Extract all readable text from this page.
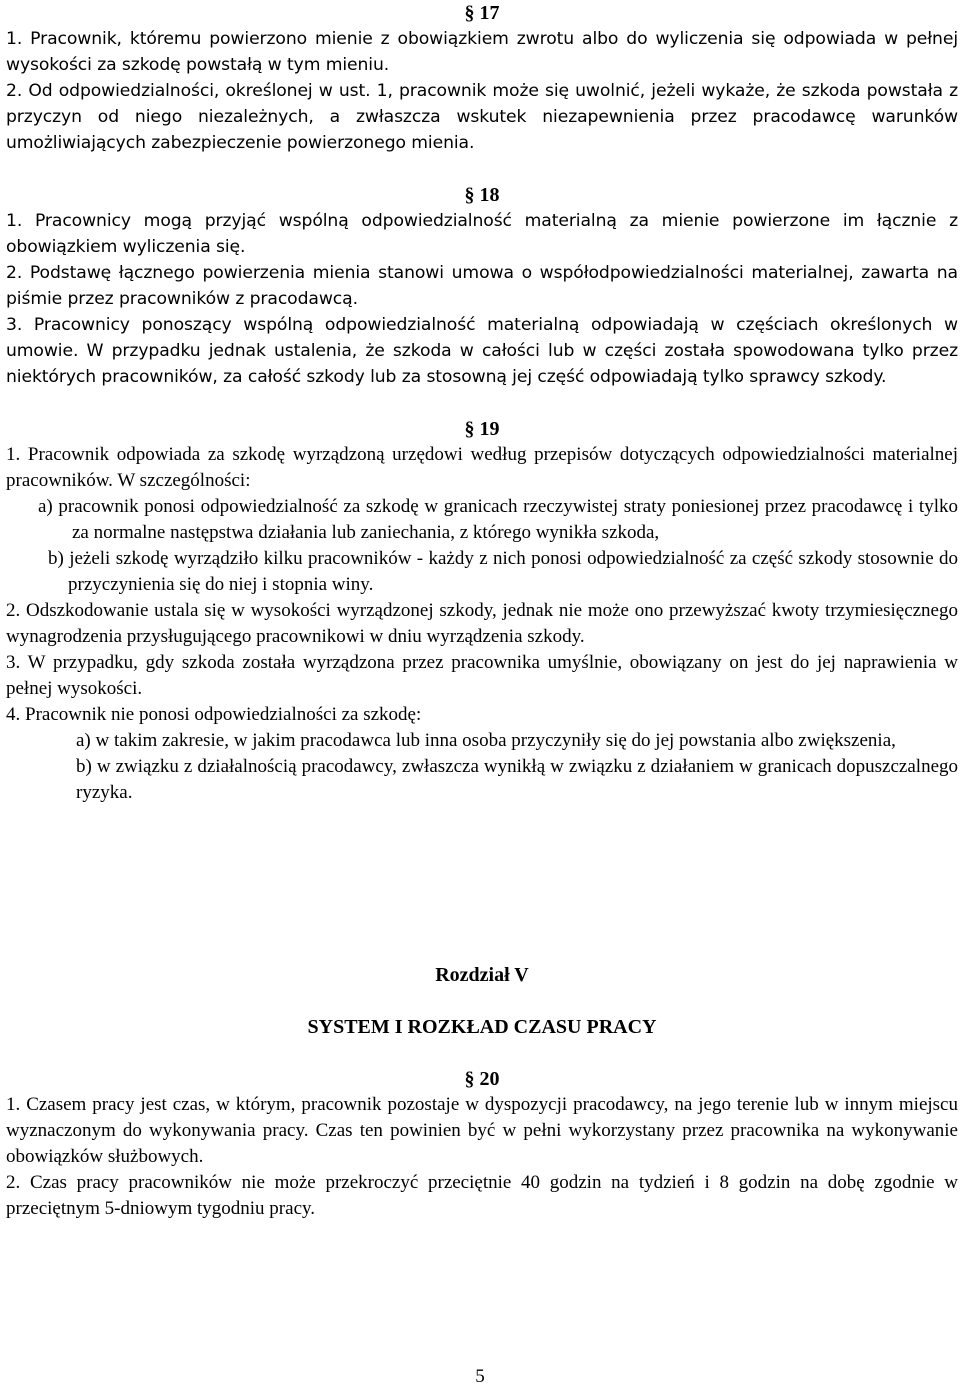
§ 17

1. Pracownik, któremu powierzono mienie z obowiązkiem zwrotu albo do wyliczenia się odpowiada w pełnej wysokości za szkodę powstałą w tym mieniu.

2. Od odpowiedzialności, określonej w ust. 1, pracownik może się uwolnić, jeżeli wykaże, że szkoda powstała z przyczyn od niego niezależnych, a zwłaszcza wskutek niezapewnienia przez pracodawcę warunków umożliwiających zabezpieczenie powierzonego mienia.

§ 18

1. Pracownicy mogą przyjąć wspólną odpowiedzialność materialną za mienie powierzone im łącznie z obowiązkiem wyliczenia się.

2. Podstawę łącznego powierzenia mienia stanowi umowa o współodpowiedzialności materialnej, zawarta na piśmie przez pracowników z pracodawcą.

3. Pracownicy ponoszący wspólną odpowiedzialność materialną odpowiadają w częściach określonych w umowie. W przypadku jednak ustalenia, że szkoda w całości lub w części została spowodowana tylko przez niektórych pracowników, za całość szkody lub za stosowną jej część odpowiadają tylko sprawcy szkody.

§ 19

1. Pracownik odpowiada za szkodę wyrządzoną urzędowi według przepisów dotyczących odpowiedzialności materialnej pracowników. W szczególności:

a) pracownik ponosi odpowiedzialność za szkodę w granicach rzeczywistej straty poniesionej przez pracodawcę i tylko za normalne następstwa działania lub zaniechania, z którego wynikła szkoda,

b) jeżeli szkodę wyrządziło kilku pracowników - każdy z nich ponosi odpowiedzialność za część szkody stosownie do przyczynienia się do niej i stopnia winy.

2. Odszkodowanie ustala się w wysokości wyrządzonej szkody, jednak nie może ono przewyższać kwoty trzymiesięcznego wynagrodzenia przysługującego pracownikowi w dniu wyrządzenia szkody.

3. W przypadku, gdy szkoda została wyrządzona przez pracownika umyślnie, obowiązany on jest do jej naprawienia w pełnej wysokości.

4. Pracownik nie ponosi odpowiedzialności za szkodę:

a) w takim zakresie, w jakim pracodawca lub inna osoba przyczyniły się do jej powstania albo zwiększenia,

b) w związku z działalnością pracodawcy, zwłaszcza wynikłą w związku z działaniem w granicach dopuszczalnego ryzyka.

Rozdział V
SYSTEM I ROZKŁAD CZASU PRACY
§ 20

1. Czasem pracy jest czas, w którym, pracownik pozostaje w dyspozycji pracodawcy, na jego terenie lub w innym miejscu wyznaczonym do wykonywania pracy. Czas ten powinien być w pełni wykorzystany przez pracownika na wykonywanie obowiązków służbowych.

2. Czas pracy pracowników nie może przekroczyć przeciętnie 40 godzin na tydzień i 8 godzin na dobę zgodnie w przeciętnym 5-dniowym tygodniu pracy.

5
